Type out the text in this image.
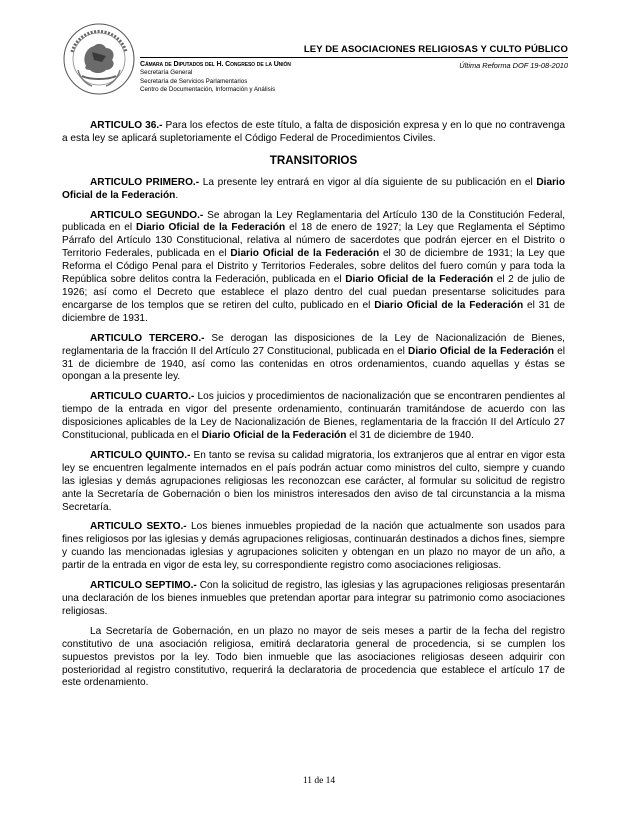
LEY DE ASOCIACIONES RELIGIOSAS Y CULTO PÚBLICO
Cámara de Diputados del H. Congreso de la Unión
Secretaría General
Secretaría de Servicios Parlamentarios
Centro de Documentación, Información y Análisis
Última Reforma DOF 19-08-2010

ARTICULO 36.- Para los efectos de este título, a falta de disposición expresa y en lo que no contravenga a esta ley se aplicará supletoriamente el Código Federal de Procedimientos Civiles.

TRANSITORIOS

ARTICULO PRIMERO.- La presente ley entrará en vigor al día siguiente de su publicación en el Diario Oficial de la Federación.

ARTICULO SEGUNDO.- Se abrogan la Ley Reglamentaria del Artículo 130 de la Constitución Federal, publicada en el Diario Oficial de la Federación el 18 de enero de 1927; la Ley que Reglamenta el Séptimo Párrafo del Artículo 130 Constitucional, relativa al número de sacerdotes que podrán ejercer en el Distrito o Territorio Federales, publicada en el Diario Oficial de la Federación el 30 de diciembre de 1931; la Ley que Reforma el Código Penal para el Distrito y Territorios Federales, sobre delitos del fuero común y para toda la República sobre delitos contra la Federación, publicada en el Diario Oficial de la Federación el 2 de julio de 1926; así como el Decreto que establece el plazo dentro del cual puedan presentarse solicitudes para encargarse de los templos que se retiren del culto, publicado en el Diario Oficial de la Federación el 31 de diciembre de 1931.

ARTICULO TERCERO.- Se derogan las disposiciones de la Ley de Nacionalización de Bienes, reglamentaria de la fracción II del Artículo 27 Constitucional, publicada en el Diario Oficial de la Federación el 31 de diciembre de 1940, así como las contenidas en otros ordenamientos, cuando aquellas y éstas se opongan a la presente ley.

ARTICULO CUARTO.- Los juicios y procedimientos de nacionalización que se encontraren pendientes al tiempo de la entrada en vigor del presente ordenamiento, continuarán tramitándose de acuerdo con las disposiciones aplicables de la Ley de Nacionalización de Bienes, reglamentaria de la fracción II del Artículo 27 Constitucional, publicada en el Diario Oficial de la Federación el 31 de diciembre de 1940.

ARTICULO QUINTO.- En tanto se revisa su calidad migratoria, los extranjeros que al entrar en vigor esta ley se encuentren legalmente internados en el país podrán actuar como ministros del culto, siempre y cuando las iglesias y demás agrupaciones religiosas les reconozcan ese carácter, al formular su solicitud de registro ante la Secretaría de Gobernación o bien los ministros interesados den aviso de tal circunstancia a la misma Secretaría.

ARTICULO SEXTO.- Los bienes inmuebles propiedad de la nación que actualmente son usados para fines religiosos por las iglesias y demás agrupaciones religiosas, continuarán destinados a dichos fines, siempre y cuando las mencionadas iglesias y agrupaciones soliciten y obtengan en un plazo no mayor de un año, a partir de la entrada en vigor de esta ley, su correspondiente registro como asociaciones religiosas.

ARTICULO SEPTIMO.- Con la solicitud de registro, las iglesias y las agrupaciones religiosas presentarán una declaración de los bienes inmuebles que pretendan aportar para integrar su patrimonio como asociaciones religiosas.

La Secretaría de Gobernación, en un plazo no mayor de seis meses a partir de la fecha del registro constitutivo de una asociación religiosa, emitirá declaratoria general de procedencia, si se cumplen los supuestos previstos por la ley. Todo bien inmueble que las asociaciones religiosas deseen adquirir con posterioridad al registro constitutivo, requerirá la declaratoria de procedencia que establece el artículo 17 de este ordenamiento.

11 de 14
